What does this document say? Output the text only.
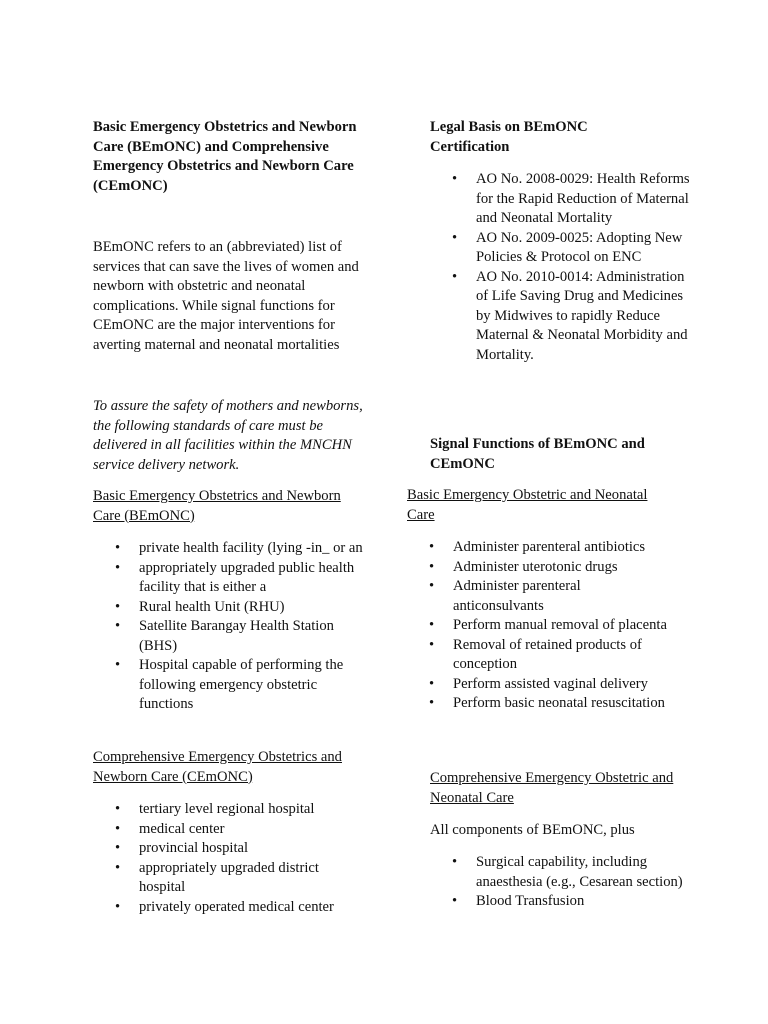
Basic Emergency Obstetrics and Newborn Care (BEmONC) and Comprehensive Emergency Obstetrics and Newborn Care (CEmONC)

BEmONC refers to an (abbreviated) list of services that can save the lives of women and newborn with obstetric and neonatal complications. While signal functions for CEmONC are the major interventions for averting maternal and neonatal mortalities

To assure the safety of mothers and newborns, the following standards of care must be delivered in all facilities within the MNCHN service delivery network.

Basic Emergency Obstetrics and Newborn Care (BEmONC)

• private health facility (lying -in_ or an
• appropriately upgraded public health facility that is either a
• Rural health Unit (RHU)
• Satellite Barangay Health Station (BHS)
• Hospital capable of performing the following emergency obstetric functions

Comprehensive Emergency Obstetrics and Newborn Care (CEmONC)

• tertiary level regional hospital
• medical center
• provincial hospital
• appropriately upgraded district hospital
• privately operated medical center

Legal Basis on BEmONC Certification

• AO No. 2008-0029: Health Reforms for the Rapid Reduction of Maternal and Neonatal Mortality
• AO No. 2009-0025: Adopting New Policies & Protocol on ENC
• AO No. 2010-0014: Administration of Life Saving Drug and Medicines by Midwives to rapidly Reduce Maternal & Neonatal Morbidity and Mortality.

Signal Functions of BEmONC and CEmONC

Basic Emergency Obstetric and Neonatal Care

• Administer parenteral antibiotics
• Administer uterotonic drugs
• Administer parenteral anticonsulvants
• Perform manual removal of placenta
• Removal of retained products of conception
• Perform assisted vaginal delivery
• Perform basic neonatal resuscitation

Comprehensive Emergency Obstetric and Neonatal Care

All components of BEmONC, plus

• Surgical capability, including anaesthesia (e.g., Cesarean section)
• Blood Transfusion
